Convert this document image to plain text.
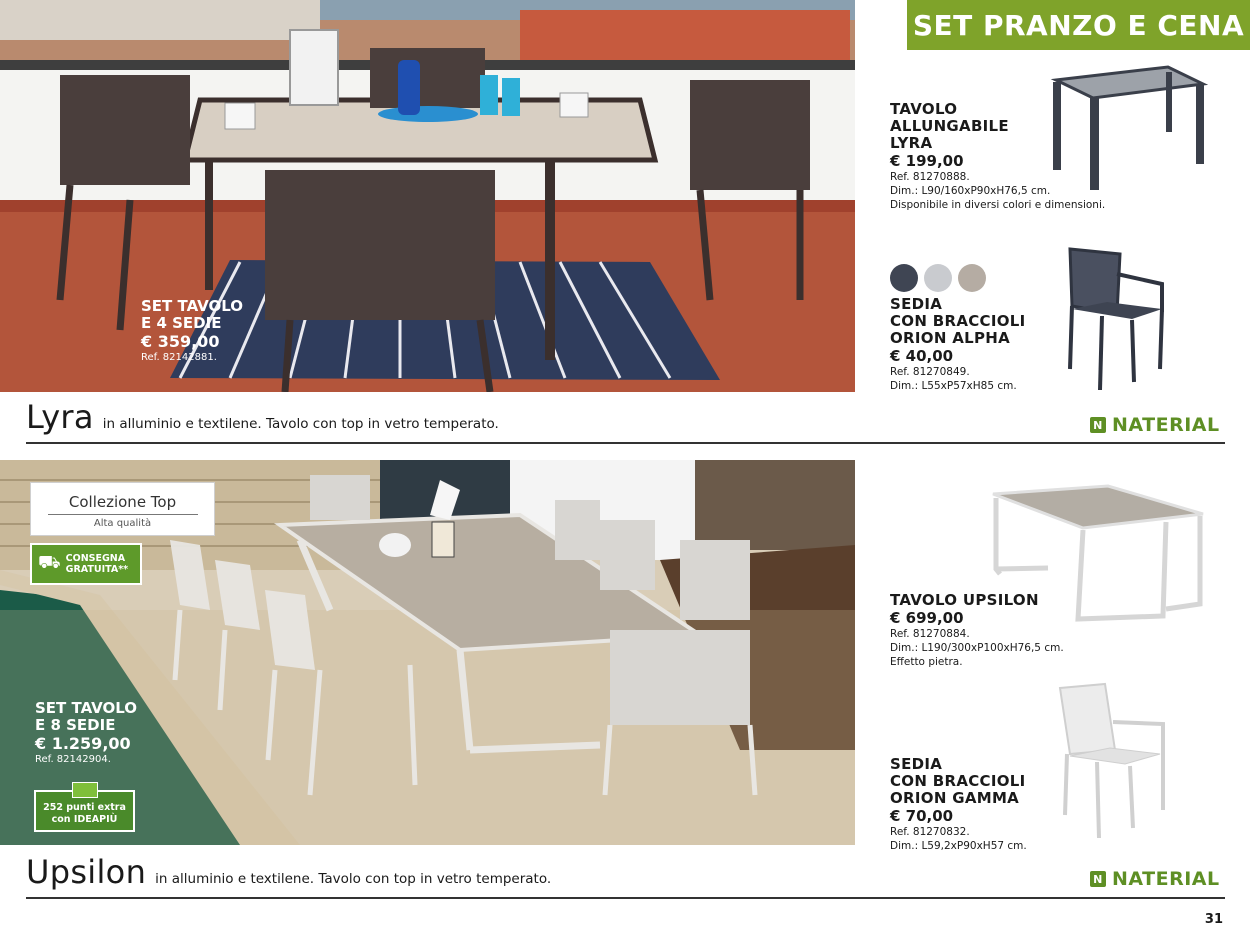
SET PRANZO E CENA
SET TAVOLO
E 4 SEDIE
€ 359,00
Ref. 82142881.
TAVOLO
ALLUNGABILE
LYRA
€ 199,00
Ref. 81270888.
Dim.: L90/160xP90xH76,5 cm.
Disponibile in diversi colori e dimensioni.
SEDIA
CON BRACCIOLI
ORION ALPHA
€ 40,00
Ref. 81270849.
Dim.: L55xP57xH85 cm.
Lyra in alluminio e textilene. Tavolo con top in vetro temperato.	N NATERIAL
Collezione Top
Alta qualità
⛟ CONSEGNA
GRATUITA**
SET TAVOLO
E 8 SEDIE
€ 1.259,00
Ref. 82142904.
252 punti extra
con IDEAPIÙ
TAVOLO UPSILON
€ 699,00
Ref. 81270884.
Dim.: L190/300xP100xH76,5 cm.
Effetto pietra.
SEDIA
CON BRACCIOLI
ORION GAMMA
€ 70,00
Ref. 81270832.
Dim.: L59,2xP90xH57 cm.
Upsilon in alluminio e textilene. Tavolo con top in vetro temperato.	N NATERIAL
31
